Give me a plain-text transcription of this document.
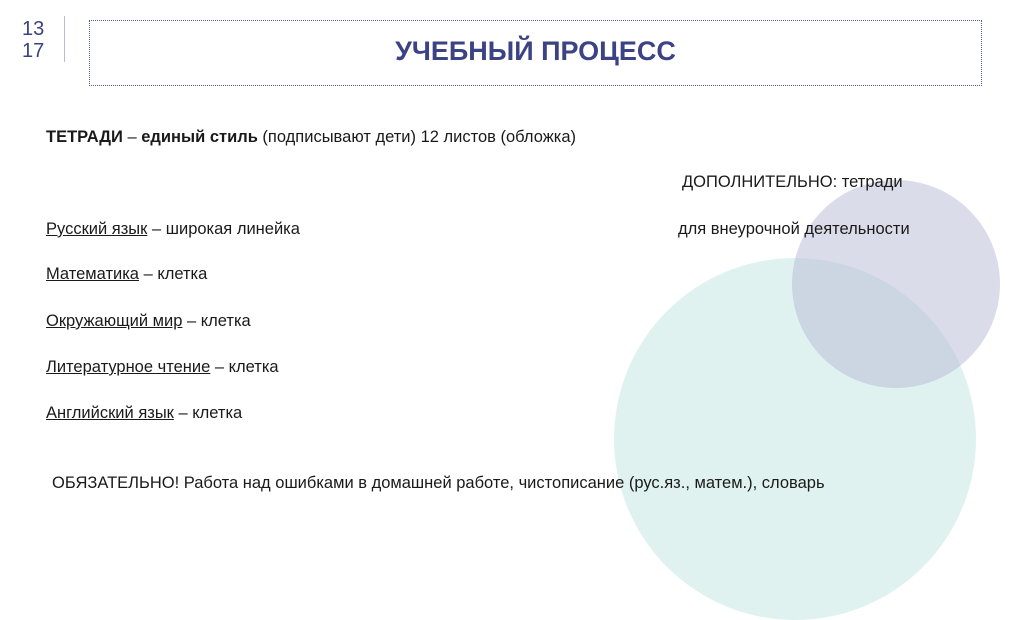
13
17	УЧЕБНЫЙ ПРОЦЕСС
ТЕТРАДИ – единый стиль (подписывают дети) 12 листов (обложка)
ДОПОЛНИТЕЛЬНО: тетради
для внеурочной деятельности
Русский язык – широкая линейка
Математика – клетка
Окружающий мир – клетка
Литературное чтение – клетка
Английский язык – клетка
ОБЯЗАТЕЛЬНО! Работа над ошибками в домашней работе, чистописание (рус.яз., матем.), словарь
